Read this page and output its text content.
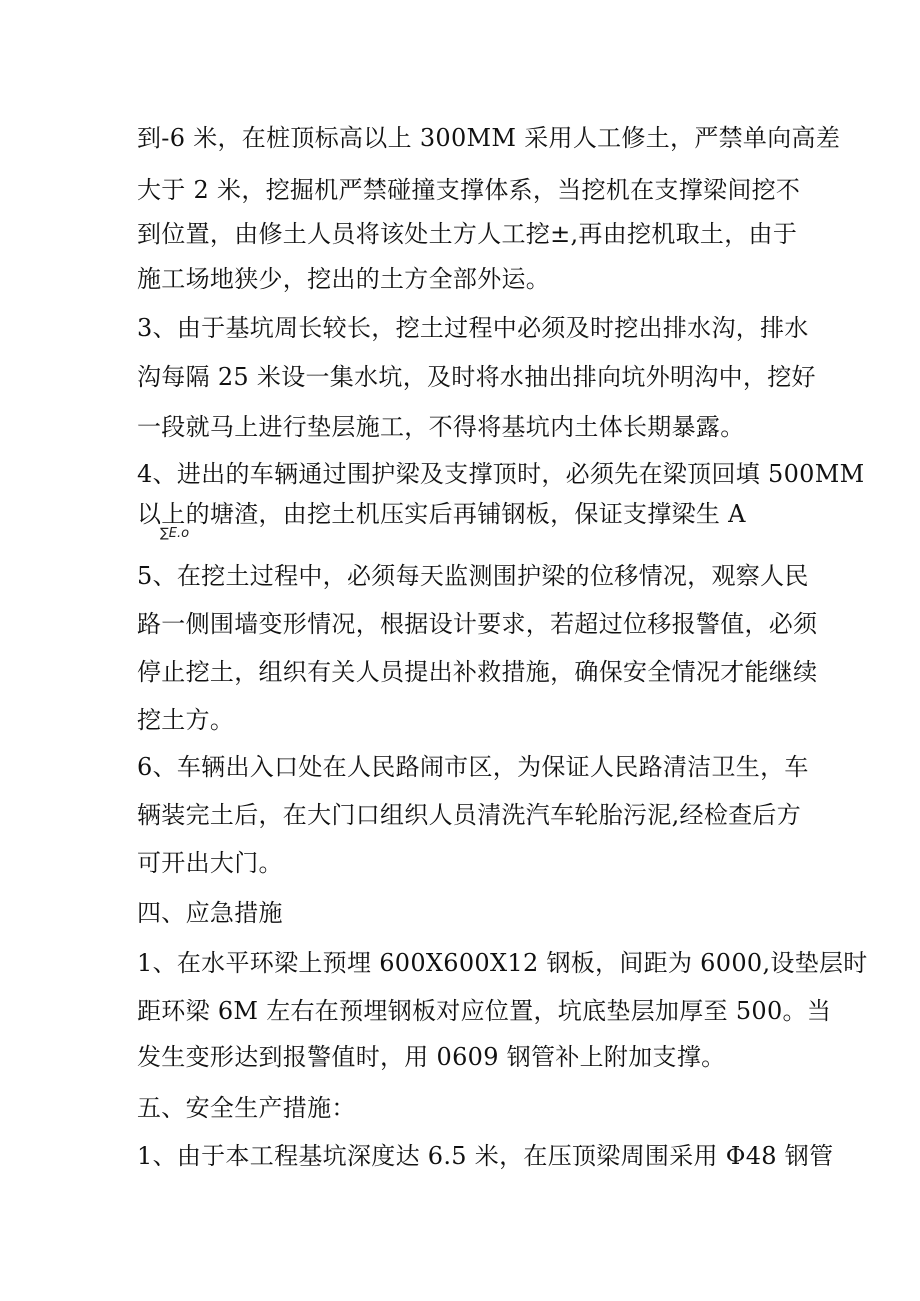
到-6 米，在桩顶标高以上 300MM 采用人工修土，严禁单向高差
大于 2 米，挖掘机严禁碰撞支撑体系，当挖机在支撑梁间挖不
到位置，由修土人员将该处土方人工挖±,再由挖机取土，由于
施工场地狭少，挖出的土方全部外运。
3、由于基坑周长较长，挖土过程中必须及时挖出排水沟，排水
沟每隔 25 米设一集水坑，及时将水抽出排向坑外明沟中，挖好
一段就马上进行垫层施工，不得将基坑内土体长期暴露。
4、进出的车辆通过围护梁及支撑顶时，必须先在梁顶回填 500MM
以上的塘渣，由挖土机压实后再铺钢板，保证支撑梁生 A
∑E.o
5、在挖土过程中，必须每天监测围护梁的位移情况，观察人民
路一侧围墙变形情况，根据设计要求，若超过位移报警值，必须
停止挖土，组织有关人员提出补救措施，确保安全情况才能继续
挖土方。
6、车辆出入口处在人民路闹市区，为保证人民路清洁卫生，车
辆装完土后，在大门口组织人员清洗汽车轮胎污泥,经检查后方
可开出大门。
四、应急措施
1、在水平环梁上预埋 600X600X12 钢板，间距为 6000,设垫层时
距环梁 6M 左右在预埋钢板对应位置，坑底垫层加厚至 500。当
发生变形达到报警值时，用 0609 钢管补上附加支撑。
五、安全生产措施：
1、由于本工程基坑深度达 6.5 米，在压顶梁周围采用 Φ48 钢管
